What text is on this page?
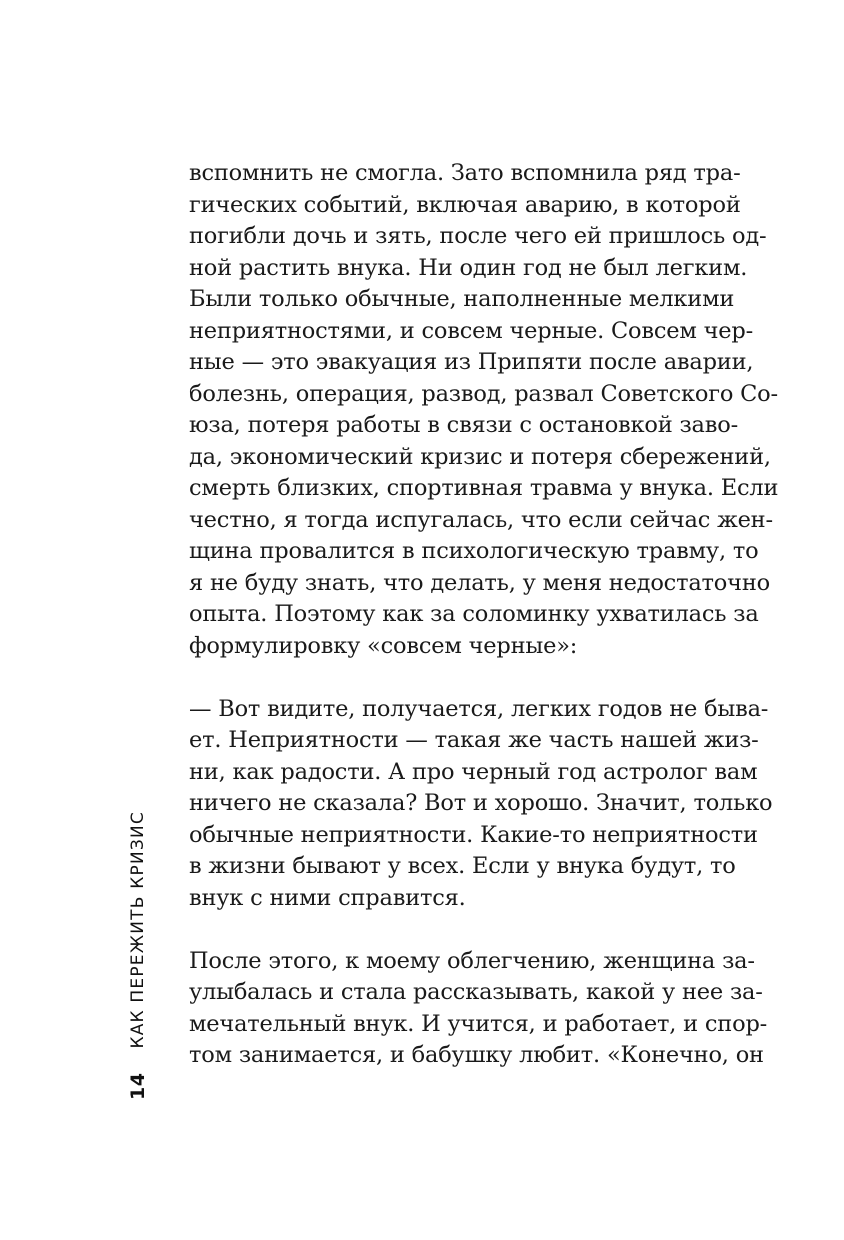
вспомнить не смогла. Зато вспомнила ряд тра-
гических событий, включая аварию, в которой
погибли дочь и зять, после чего ей пришлось од-
ной растить внука. Ни один год не был легким.
Были только обычные, наполненные мелкими
неприятностями, и совсем черные. Совсем чер-
ные — это эвакуация из Припяти после аварии,
болезнь, операция, развод, развал Советского Со-
юза, потеря работы в связи с остановкой заво-
да, экономический кризис и потеря сбережений,
смерть близких, спортивная травма у внука. Если
честно, я тогда испугалась, что если сейчас жен-
щина провалится в психологическую травму, то
я не буду знать, что делать, у меня недостаточно
опыта. Поэтому как за соломинку ухватилась за
формулировку «совсем черные»:

— Вот видите, получается, легких годов не быва-
ет. Неприятности — такая же часть нашей жиз-
ни, как радости. А про черный год астролог вам
ничего не сказала? Вот и хорошо. Значит, только
обычные неприятности. Какие-то неприятности
в жизни бывают у всех. Если у внука будут, то
внук с ними справится.

После этого, к моему облегчению, женщина за-
улыбалась и стала рассказывать, какой у нее за-
мечательный внук. И учится, и работает, и спор-
том занимается, и бабушку любит. «Конечно, он

14
КАК ПЕРЕЖИТЬ КРИЗИС
